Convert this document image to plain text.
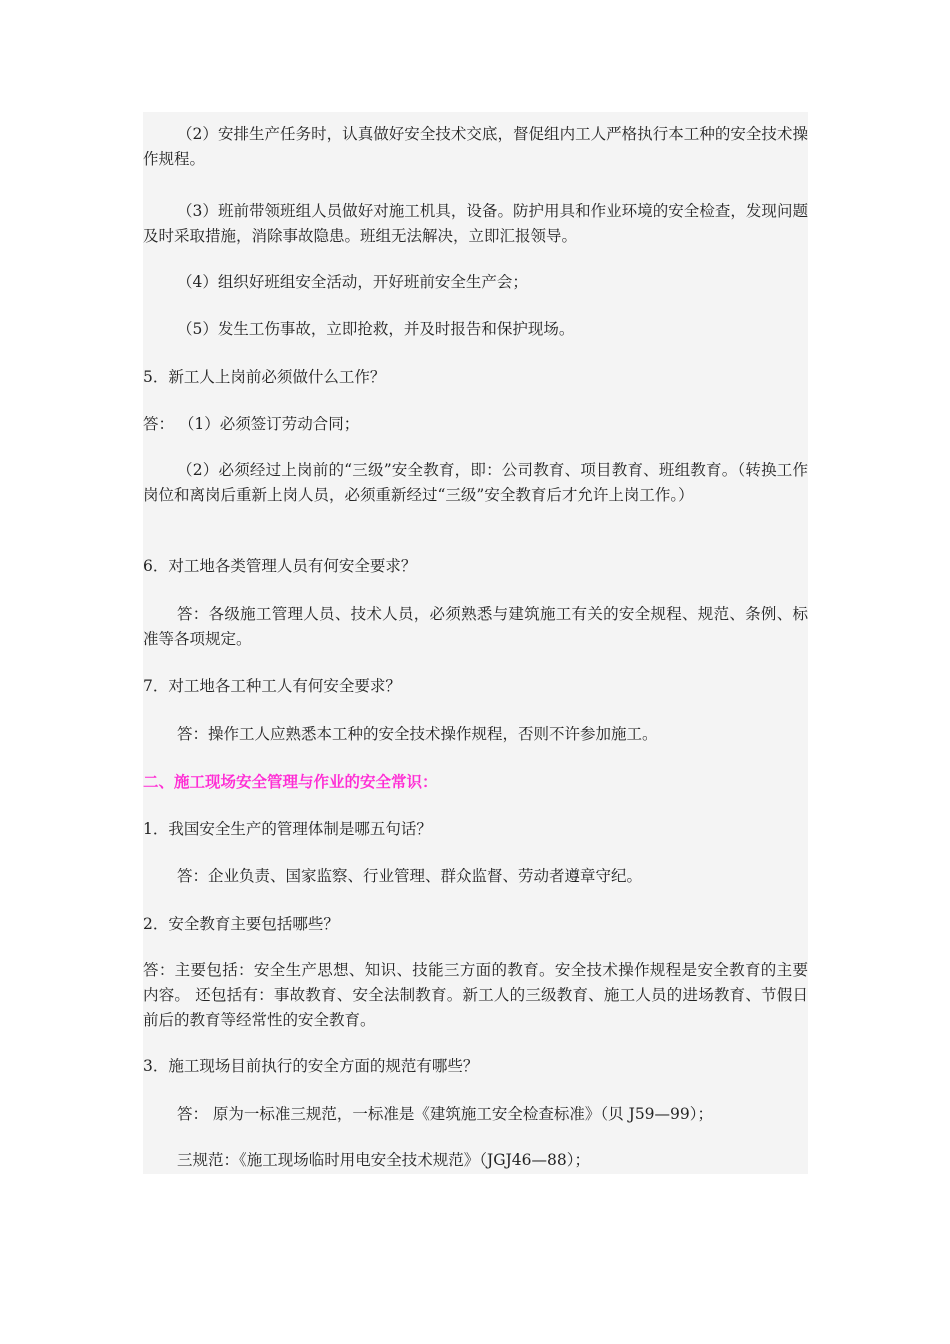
（2）安排生产任务时，认真做好安全技术交底，督促组内工人严格执行本工种的安全技术操作规程。

（3）班前带领班组人员做好对施工机具，设备。防护用具和作业环境的安全检查，发现问题及时采取措施，消除事故隐患。班组无法解决，立即汇报领导。

（4）组织好班组安全活动，开好班前安全生产会；

（5）发生工伤事故，立即抢救，并及时报告和保护现场。

5．新工人上岗前必须做什么工作？

答： （1）必须签订劳动合同；

（2）必须经过上岗前的“三级”安全教育，即：公司教育、项目教育、班组教育。（转换工作岗位和离岗后重新上岗人员，必须重新经过“三级”安全教育后才允许上岗工作。）

6．对工地各类管理人员有何安全要求？

答：各级施工管理人员、技术人员，必须熟悉与建筑施工有关的安全规程、规范、条例、标准等各项规定。

7．对工地各工种工人有何安全要求？

答：操作工人应熟悉本工种的安全技术操作规程，否则不许参加施工。

二、施工现场安全管理与作业的安全常识：

1．我国安全生产的管理体制是哪五句话？

答：企业负责、国家监察、行业管理、群众监督、劳动者遵章守纪。

2．安全教育主要包括哪些？

答：主要包括：安全生产思想、知识、技能三方面的教育。安全技术操作规程是安全教育的主要内容。 还包括有：事故教育、安全法制教育。新工人的三级教育、施工人员的进场教育、节假日前后的教育等经常性的安全教育。

3．施工现场目前执行的安全方面的规范有哪些？

答： 原为一标准三规范，一标准是《建筑施工安全检查标准》（贝 J59—99）；

三规范：《施工现场临时用电安全技术规范》（JGJ46—88）；
